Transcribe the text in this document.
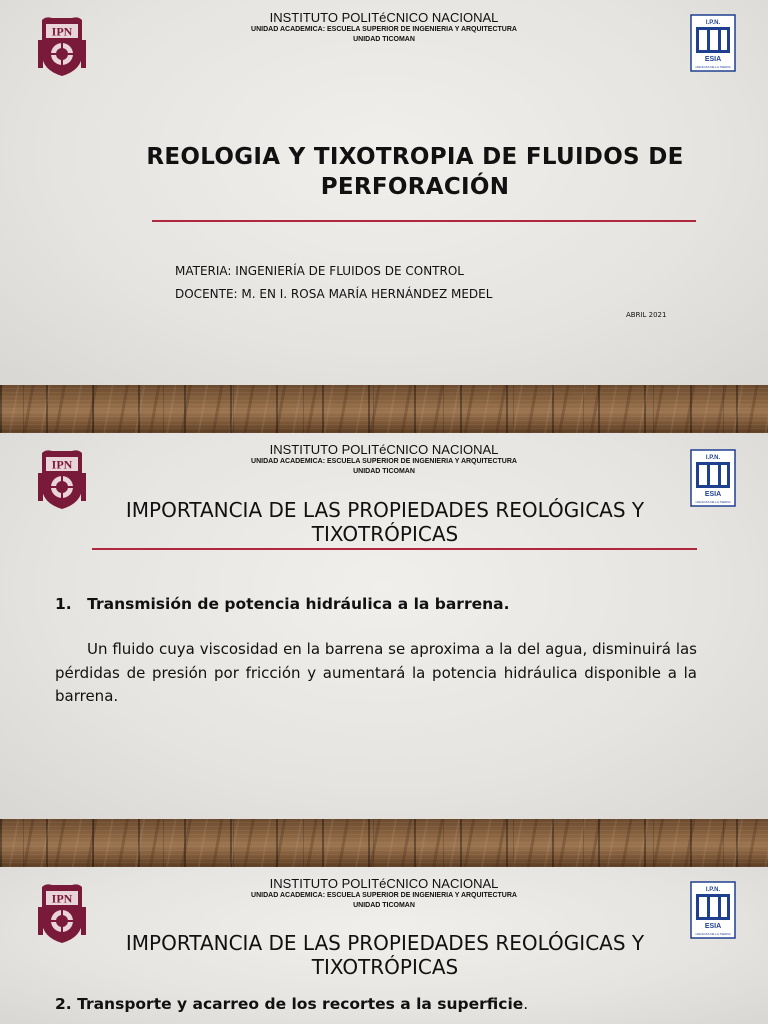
INSTITUTO POLITéCNICO NACIONAL
UNIDAD ACADEMICA: ESCUELA SUPERIOR DE INGENIERIA Y ARQUITECTURA
UNIDAD TICOMAN
IPN
I.P.N.
ESIA
CIENCIAS DE LA TIERRA
REOLOGIA Y TIXOTROPIA DE FLUIDOS DE
PERFORACIÓN
MATERIA: INGENIERÍA DE FLUIDOS DE CONTROL
DOCENTE: M. EN I. ROSA MARÍA HERNÁNDEZ MEDEL
ABRIL 2021
INSTITUTO POLITéCNICO NACIONAL
UNIDAD ACADEMICA: ESCUELA SUPERIOR DE INGENIERIA Y ARQUITECTURA
UNIDAD TICOMAN
IPN	I.P.N.
ESIA
CIENCIAS DE LA TIERRA
IMPORTANCIA DE LAS PROPIEDADES REOLÓGICAS Y
TIXOTRÓPICAS
1. Transmisión de potencia hidráulica a la barrena.
Un fluido cuya viscosidad en la barrena se aproxima a la del agua, disminuirá las pérdidas de presión por fricción y aumentará la potencia hidráulica disponible a la barrena.
INSTITUTO POLITéCNICO NACIONAL
UNIDAD ACADEMICA: ESCUELA SUPERIOR DE INGENIERIA Y ARQUITECTURA
UNIDAD TICOMAN
IPN
I.P.N.
ESIA
CIENCIAS DE LA TIERRA
IMPORTANCIA DE LAS PROPIEDADES REOLÓGICAS Y
TIXOTRÓPICAS
2. Transporte y acarreo de los recortes a la superficie.
